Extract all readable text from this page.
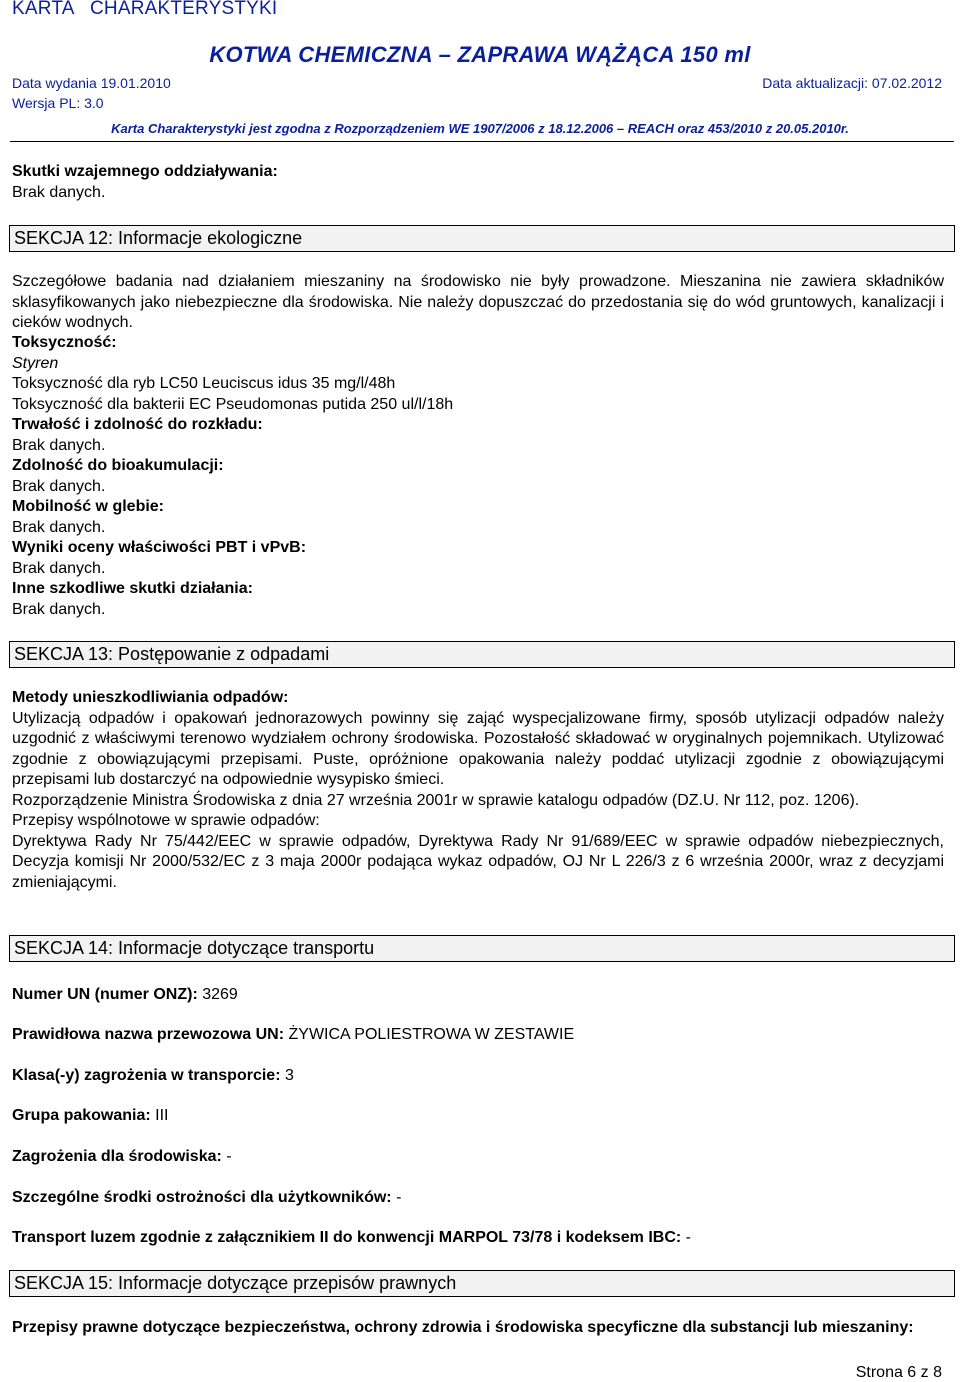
KARTA   CHARAKTERYSTYKI
KOTWA CHEMICZNA – ZAPRAWA WĄŻĄCA 150 ml
Data wydania 19.01.2010	Data aktualizacji: 07.02.2012
Wersja PL: 3.0
Karta Charakterystyki jest zgodna z Rozporządzeniem WE 1907/2006 z 18.12.2006 – REACH oraz 453/2010 z 20.05.2010r.
Skutki wzajemnego oddziaływania:
Brak danych.
SEKCJA 12: Informacje ekologiczne
Szczegółowe badania nad działaniem mieszaniny na środowisko nie były prowadzone. Mieszanina nie zawiera składników sklasyfikowanych jako niebezpieczne dla środowiska. Nie należy dopuszczać do przedostania się do wód gruntowych, kanalizacji i cieków wodnych.
Toksyczność:
Styren
Toksyczność dla ryb LC50 Leuciscus idus 35 mg/l/48h
Toksyczność dla bakterii EC Pseudomonas putida 250 ul/l/18h
Trwałość i zdolność do rozkładu:
Brak danych.
Zdolność do bioakumulacji:
Brak danych.
Mobilność w glebie:
Brak danych.
Wyniki oceny właściwości PBT i vPvB:
Brak danych.
Inne szkodliwe skutki działania:
Brak danych.
SEKCJA 13: Postępowanie z odpadami
Metody unieszkodliwiania odpadów:
Utylizacją odpadów i opakowań jednorazowych powinny się zająć wyspecjalizowane firmy, sposób utylizacji odpadów należy uzgodnić z właściwymi terenowo wydziałem ochrony środowiska. Pozostałość składować w oryginalnych pojemnikach. Utylizować zgodnie z obowiązującymi przepisami. Puste, opróżnione opakowania należy poddać utylizacji zgodnie z obowiązującymi przepisami lub dostarczyć na odpowiednie wysypisko śmieci.
Rozporządzenie Ministra Środowiska z dnia 27 września 2001r w sprawie katalogu odpadów (DZ.U. Nr 112, poz. 1206).
Przepisy wspólnotowe w sprawie odpadów:
Dyrektywa Rady Nr 75/442/EEC w sprawie odpadów, Dyrektywa Rady Nr 91/689/EEC w sprawie odpadów niebezpiecznych, Decyzja komisji Nr 2000/532/EC z 3 maja 2000r podająca wykaz odpadów, OJ Nr L 226/3 z 6 września 2000r, wraz z decyzjami zmieniającymi.
SEKCJA 14: Informacje dotyczące transportu
Numer UN (numer ONZ): 3269
Prawidłowa nazwa przewozowa UN: ŻYWICA POLIESTROWA W ZESTAWIE
Klasa(-y) zagrożenia w transporcie: 3
Grupa pakowania: III
Zagrożenia dla środowiska: -
Szczególne środki ostrożności dla użytkowników: -
Transport luzem zgodnie z załącznikiem II do konwencji MARPOL 73/78 i kodeksem IBC: -
SEKCJA 15: Informacje dotyczące przepisów prawnych
Przepisy prawne dotyczące bezpieczeństwa, ochrony zdrowia i środowiska specyficzne dla substancji lub mieszaniny:
Strona 6 z 8
